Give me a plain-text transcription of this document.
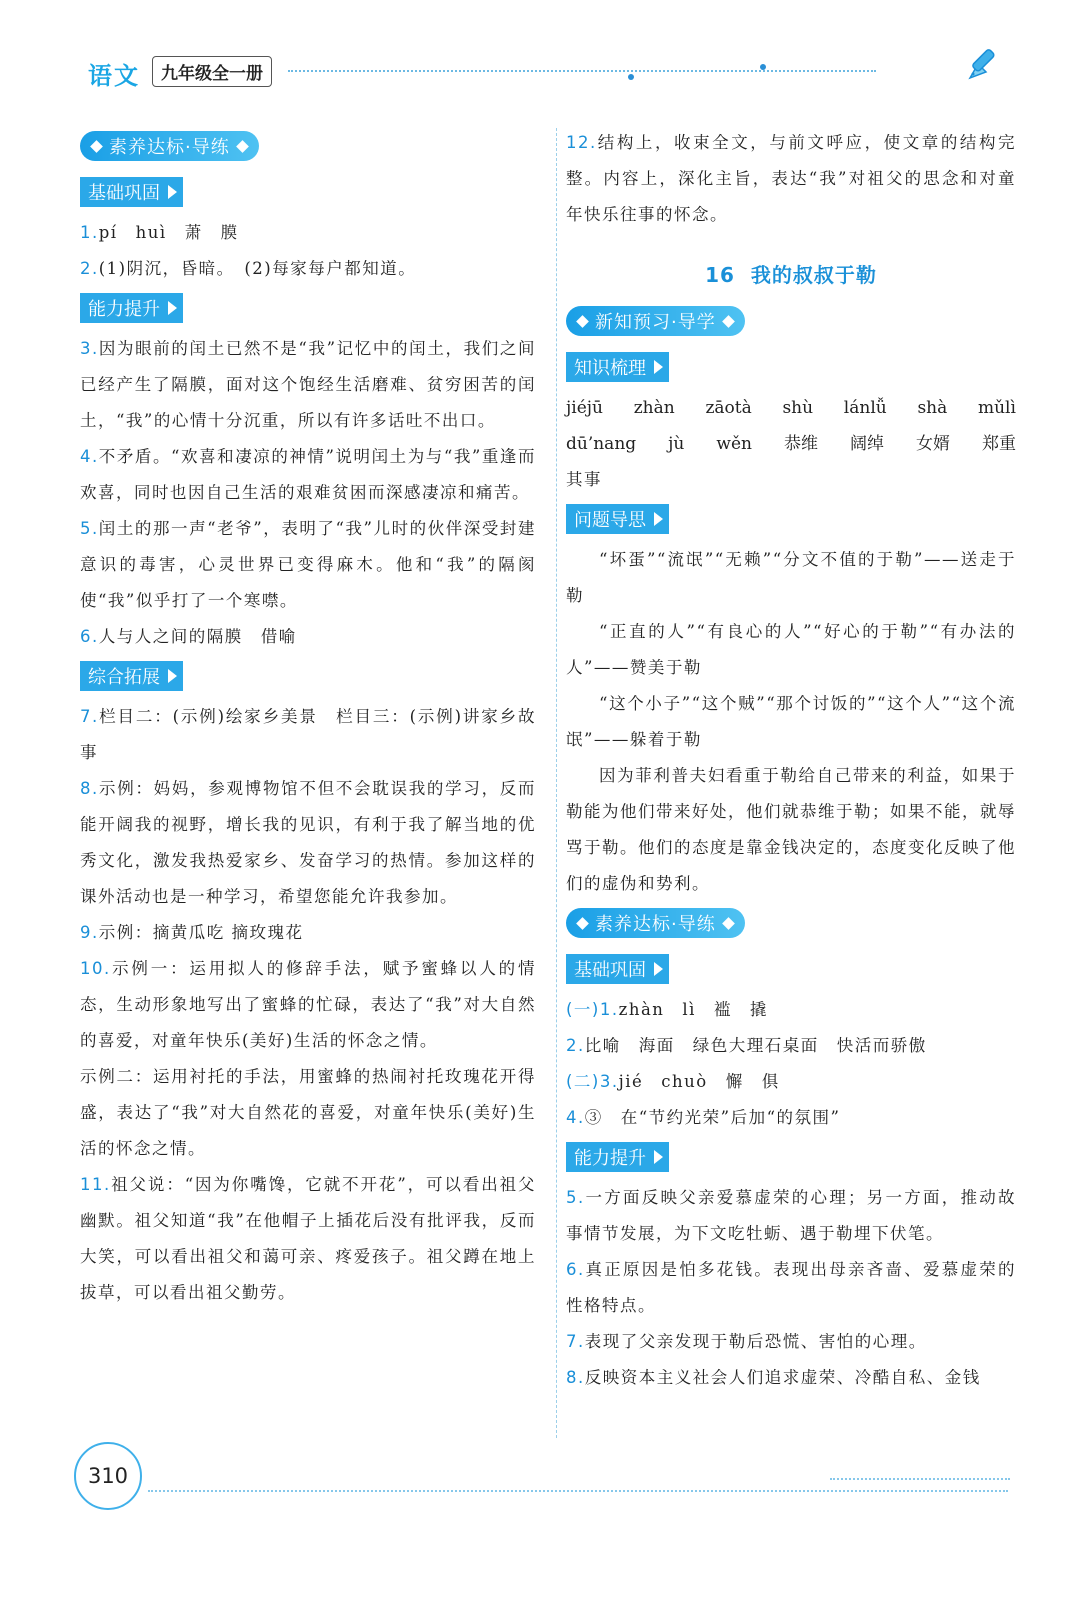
语文	九年级全一册
素养达标·导练

基础巩固

1.pí　huì　萧　膜

2.(1)阴沉，昏暗。　(2)每家每户都知道。

能力提升

3.因为眼前的闰土已然不是“我”记忆中的闰土，我们之间已经产生了隔膜，面对这个饱经生活磨难、贫穷困苦的闰土，“我”的心情十分沉重，所以有许多话吐不出口。

4.不矛盾。“欢喜和凄凉的神情”说明闰土为与“我”重逢而欢喜，同时也因自己生活的艰难贫困而深感凄凉和痛苦。

5.闰土的那一声“老爷”，表明了“我”儿时的伙伴深受封建意识的毒害，心灵世界已变得麻木。他和“我”的隔阂使“我”似乎打了一个寒噤。

6.人与人之间的隔膜　借喻

综合拓展

7.栏目二：(示例)绘家乡美景　栏目三：(示例)讲家乡故事

8.示例：妈妈，参观博物馆不但不会耽误我的学习，反而能开阔我的视野，增长我的见识，有利于我了解当地的优秀文化，激发我热爱家乡、发奋学习的热情。参加这样的课外活动也是一种学习，希望您能允许我参加。

9.示例：摘黄瓜吃 摘玫瑰花

10.示例一：运用拟人的修辞手法，赋予蜜蜂以人的情态，生动形象地写出了蜜蜂的忙碌，表达了“我”对大自然的喜爱，对童年快乐(美好)生活的怀念之情。

示例二：运用衬托的手法，用蜜蜂的热闹衬托玫瑰花开得盛，表达了“我”对大自然花的喜爱，对童年快乐(美好)生活的怀念之情。

11.祖父说：“因为你嘴馋，它就不开花”，可以看出祖父幽默。祖父知道“我”在他帽子上插花后没有批评我，反而大笑，可以看出祖父和蔼可亲、疼爱孩子。祖父蹲在地上拔草，可以看出祖父勤劳。

12.结构上，收束全文，与前文呼应，使文章的结构完整。内容上，深化主旨，表达“我”对祖父的思念和对童年快乐往事的怀念。

16 我的叔叔于勒
新知预习·导学

知识梳理
jiéjū zhàn zāotà shù lánlǚ shà mǔlì
dū’nang jù wěn 恭维 阔绰 女婿 郑重

其事

问题导思

“坏蛋”“流氓”“无赖”“分文不值的于勒”——送走于勒

“正直的人”“有良心的人”“好心的于勒”“有办法的人”——赞美于勒

“这个小子”“这个贼”“那个讨饭的”“这个人”“这个流氓”——躲着于勒

因为菲利普夫妇看重于勒给自己带来的利益，如果于勒能为他们带来好处，他们就恭维于勒；如果不能，就辱骂于勒。他们的态度是靠金钱决定的，态度变化反映了他们的虚伪和势利。

素养达标·导练

基础巩固

(一)1.zhàn　lì　褴　撬

2.比喻　海面　绿色大理石桌面　快活而骄傲

(二)3.jié　chuò　懈　俱

4.③　在“节约光荣”后加“的氛围”

能力提升

5.一方面反映父亲爱慕虚荣的心理；另一方面，推动故事情节发展，为下文吃牡蛎、遇于勒埋下伏笔。

6.真正原因是怕多花钱。表现出母亲吝啬、爱慕虚荣的性格特点。

7.表现了父亲发现于勒后恐慌、害怕的心理。

8.反映资本主义社会人们追求虚荣、冷酷自私、金钱

310
